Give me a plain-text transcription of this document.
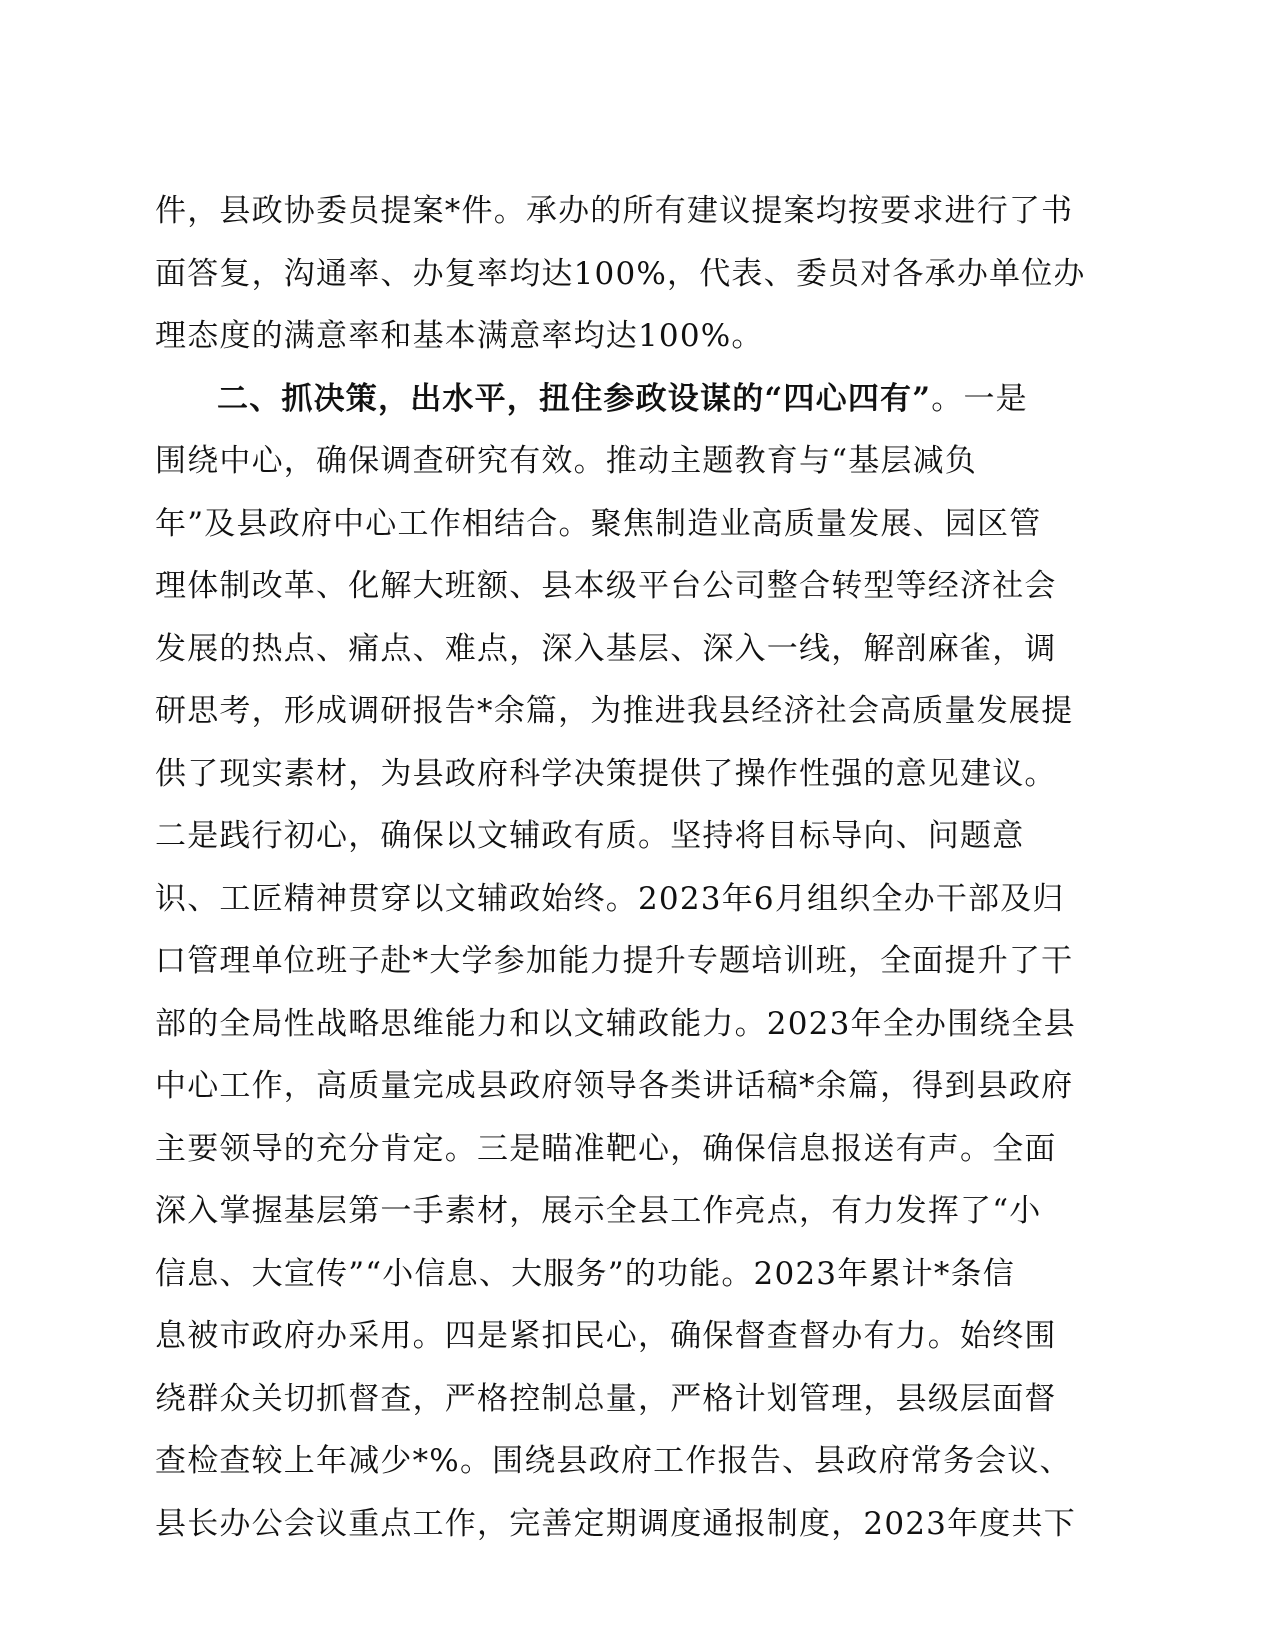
件，县政协委员提案*件。承办的所有建议提案均按要求进行了书
面答复，沟通率、办复率均达100%，代表、委员对各承办单位办
理态度的满意率和基本满意率均达100%。
二、抓决策，出水平，扭住参政设谋的“四心四有”。一是
围绕中心，确保调查研究有效。推动主题教育与“基层减负
年”及县政府中心工作相结合。聚焦制造业高质量发展、园区管
理体制改革、化解大班额、县本级平台公司整合转型等经济社会
发展的热点、痛点、难点，深入基层、深入一线，解剖麻雀，调
研思考，形成调研报告*余篇，为推进我县经济社会高质量发展提
供了现实素材，为县政府科学决策提供了操作性强的意见建议。
二是践行初心，确保以文辅政有质。坚持将目标导向、问题意
识、工匠精神贯穿以文辅政始终。2023年6月组织全办干部及归
口管理单位班子赴*大学参加能力提升专题培训班，全面提升了干
部的全局性战略思维能力和以文辅政能力。2023年全办围绕全县
中心工作，高质量完成县政府领导各类讲话稿*余篇，得到县政府
主要领导的充分肯定。三是瞄准靶心，确保信息报送有声。全面
深入掌握基层第一手素材，展示全县工作亮点，有力发挥了“小
信息、大宣传”“小信息、大服务”的功能。2023年累计*条信
息被市政府办采用。四是紧扣民心，确保督查督办有力。始终围
绕群众关切抓督查，严格控制总量，严格计划管理，县级层面督
查检查较上年减少*%。围绕县政府工作报告、县政府常务会议、
县长办公会议重点工作，完善定期调度通报制度，2023年度共下
